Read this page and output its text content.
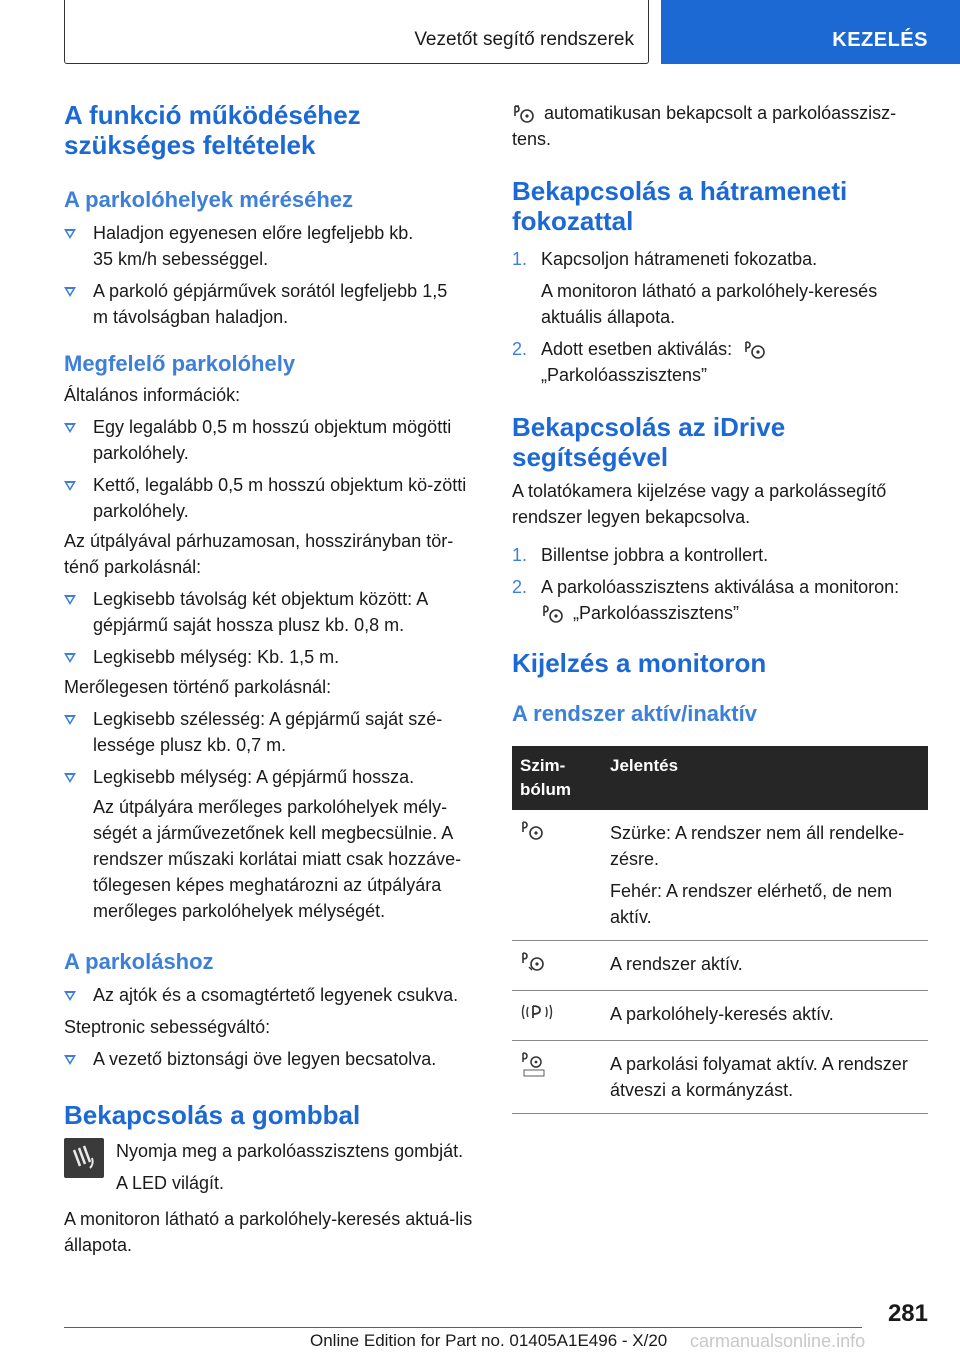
Vezetőt segítő rendszerek	KEZELÉS
A funkció működéséhez szükséges feltételek
A parkolóhelyek méréséhez
Haladjon egyenesen előre legfeljebb kb. 35 km/h sebességgel.
A parkoló gépjárművek sorától legfeljebb 1,5 m távolságban haladjon.
Megfelelő parkolóhely

Általános információk:

Egy legalább 0,5 m hosszú objektum mögötti parkolóhely.
Kettő, legalább 0,5 m hosszú objektum kö-zötti parkolóhely.

Az útpályával párhuzamosan, hosszirányban tör-ténő parkolásnál:

Legkisebb távolság két objektum között: A gépjármű saját hossza plusz kb. 0,8 m.
Legkisebb mélység: Kb. 1,5 m.

Merőlegesen történő parkolásnál:

Legkisebb szélesség: A gépjármű saját szé-lessége plusz kb. 0,7 m.
Legkisebb mélység: A gépjármű hossza.

Az útpályára merőleges parkolóhelyek mély-ségét a járművezetőnek kell megbecsülnie. A rendszer műszaki korlátai miatt csak hozzáve-tőlegesen képes meghatározni az útpályára merőleges parkolóhelyek mélységét.

A parkoláshoz
Az ajtók és a csomagtértető legyenek csukva.

Steptronic sebességváltó:

A vezető biztonsági öve legyen becsatolva.
Bekapcsolás a gombbal

Nyomja meg a parkolóasszisztens gombját.

A LED világít.

A monitoron látható a parkolóhely-keresés aktuá-lis állapota.

automatikusan bekapcsolt a parkolóasszisz-tens.

Bekapcsolás a hátrameneti fokozattal
1. Kapcsoljon hátrameneti fokozatba.

A monitoron látható a parkolóhely-keresés aktuális állapota.

2. Adott esetben aktiválás:

„Parkolóasszisztens”

Bekapcsolás az iDrive segítségével

A tolatókamera kijelzése vagy a parkolássegítő rendszer legyen bekapcsolva.

1. Billentse jobbra a kontrollert.
2. A parkolóasszisztens aktiválása a monitoron:

„Parkolóasszisztens”

Kijelzés a monitoron
A rendszer aktív/inaktív
Szim-bólum	Jelentés

Szürke: A rendszer nem áll rendelke-zésre.

Fehér: A rendszer elérhető, de nem aktív.

	A rendszer aktív.
	A parkolóhely-keresés aktív.
	A parkolási folyamat aktív. A rendszer átveszi a kormányzást.
281
Online Edition for Part no. 01405A1E496 - X/20 carmanualsonline.info
